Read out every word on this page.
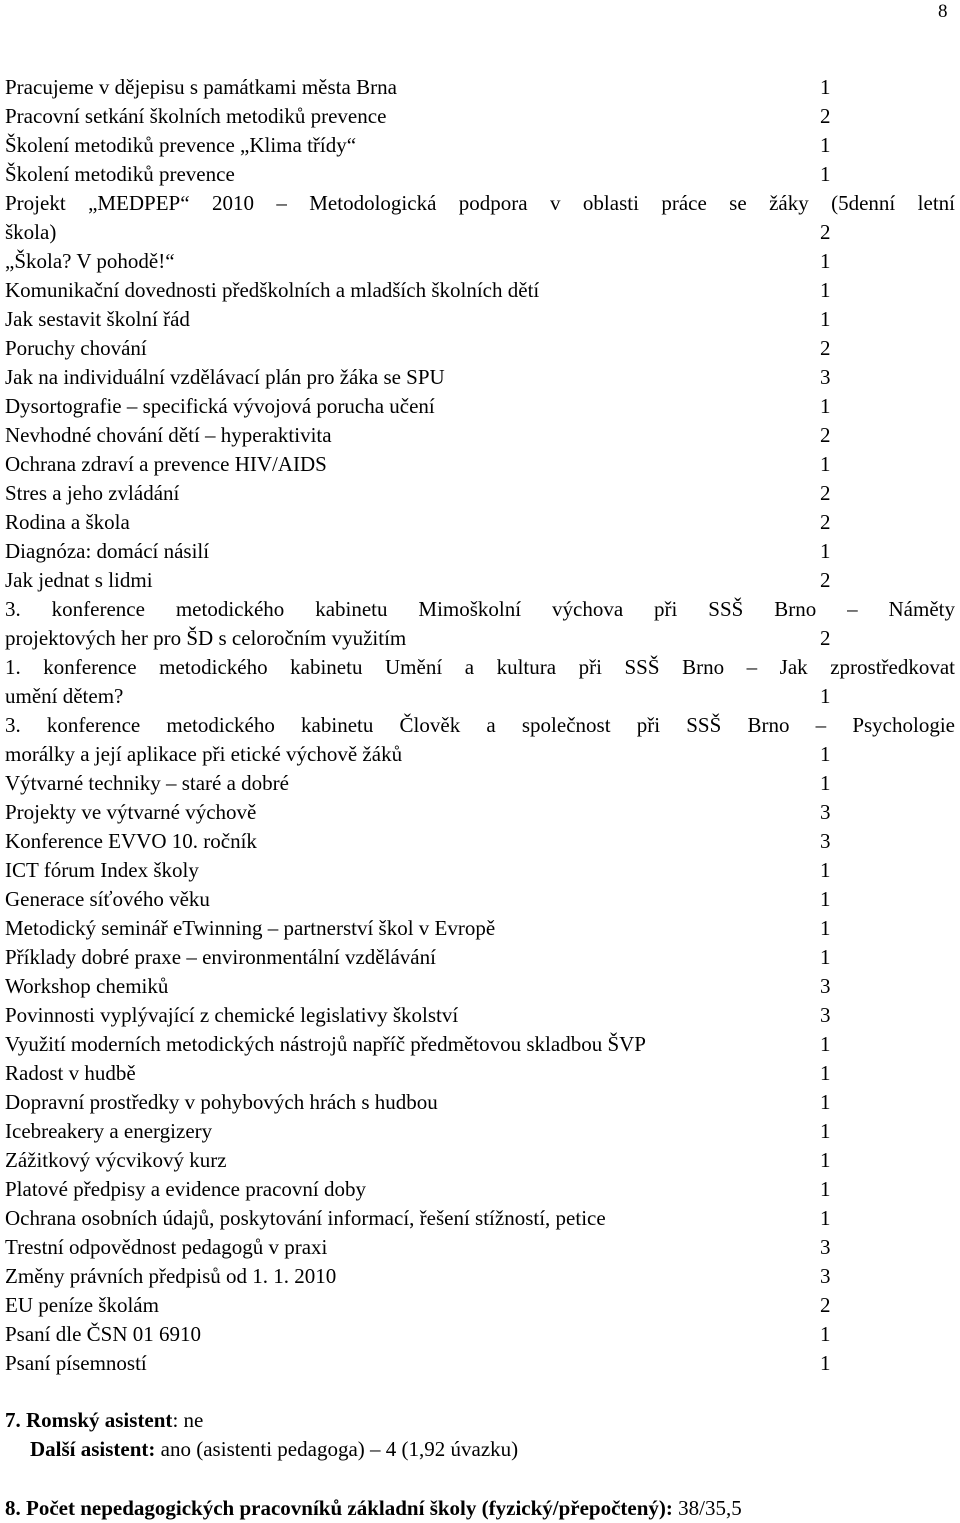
8
Pracujeme v dějepisu s památkami města Brna	1
Pracovní setkání školních metodiků prevence	2
Školení metodiků prevence „Klima třídy“	1
Školení metodiků prevence	1
Projekt „MEDPEP“ 2010 – Metodologická podpora v oblasti práce se žáky (5denní letní
škola)	2
„Škola? V pohodě!“	1
Komunikační dovednosti předškolních a mladších školních dětí	1
Jak sestavit školní řád	1
Poruchy chování	2
Jak na individuální vzdělávací plán pro žáka se SPU	3
Dysortografie – specifická vývojová porucha učení	1
Nevhodné chování dětí – hyperaktivita	2
Ochrana zdraví a prevence HIV/AIDS	1
Stres a jeho zvládání	2
Rodina a škola	2
Diagnóza: domácí násilí	1
Jak jednat s lidmi	2
3. konference metodického kabinetu Mimoškolní výchova při SSŠ Brno – Náměty
projektových her pro ŠD s celoročním využitím	2
1. konference metodického kabinetu Umění a kultura při SSŠ Brno – Jak zprostředkovat
umění dětem?	1
3. konference metodického kabinetu Člověk a společnost při SSŠ Brno – Psychologie
morálky a její aplikace při etické výchově žáků	1
Výtvarné techniky – staré a dobré	1
Projekty ve výtvarné výchově	3
Konference EVVO 10. ročník	3
ICT fórum Index školy	1
Generace síťového věku	1
Metodický seminář eTwinning – partnerství škol v Evropě	1
Příklady dobré praxe – environmentální vzdělávání	1
Workshop chemiků	3
Povinnosti vyplývající z chemické legislativy školství	3
Využití moderních metodických nástrojů napříč předmětovou skladbou ŠVP	1
Radost v hudbě	1
Dopravní prostředky v pohybových hrách s hudbou	1
Icebreakery a energizery	1
Zážitkový výcvikový kurz	1
Platové předpisy a evidence pracovní doby	1
Ochrana osobních údajů, poskytování informací, řešení stížností, petice	1
Trestní odpovědnost pedagogů v praxi	3
Změny právních předpisů od 1. 1. 2010	3
EU peníze školám	2
Psaní dle ČSN 01 6910	1
Psaní písemností	1
7. Romský asistent: ne
Další asistent: ano (asistenti pedagoga) – 4 (1,92 úvazku)
8. Počet nepedagogických pracovníků základní školy (fyzický/přepočtený): 38/35,5
